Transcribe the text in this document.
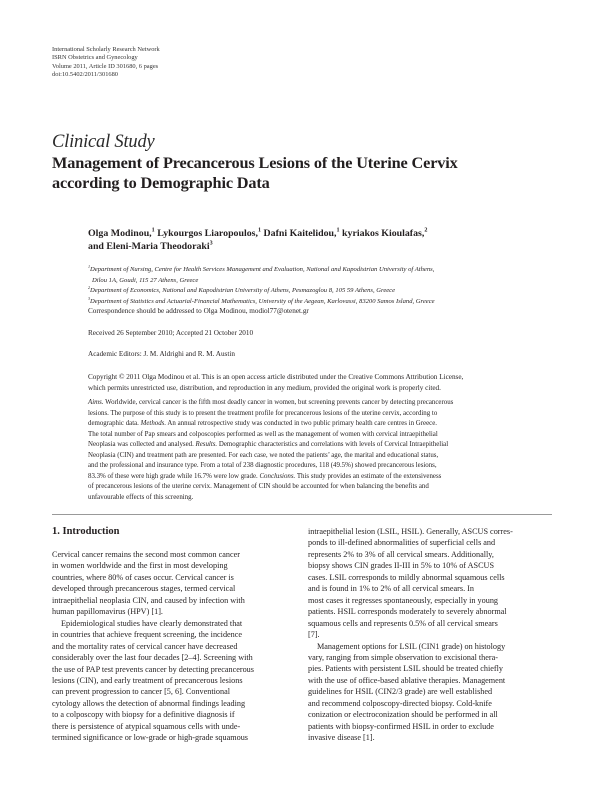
International Scholarly Research Network
ISRN Obstetrics and Gynecology
Volume 2011, Article ID 301680, 6 pages
doi:10.5402/2011/301680
Clinical Study
Management of Precancerous Lesions of the Uterine Cervix
according to Demographic Data
Olga Modinou,$^1$ Lykourgos Liaropoulos,$^1$ Dafni Kaitelidou,$^1$ kyriakos Kioulafas,$^2$
and Eleni-Maria Theodoraki$^3$
$^1$Department of Nursing, Centre for Health Services Management and Evaluation, National and Kapodistrian University of Athens,
Dilou 1A, Goudi, 115 27 Athens, Greece
$^2$Department of Economics, National and Kapodistrian University of Athens, Pesmazoglou 8, 105 59 Athens, Greece
$^3$Department of Statistics and Actuarial-Financial Mathematics, University of the Aegean, Karlovassi, 83200 Samos Island, Greece
Correspondence should be addressed to Olga Modinou, modiol77@otenet.gr
Received 26 September 2010; Accepted 21 October 2010
Academic Editors: J. M. Aldrighi and R. M. Austin
Copyright © 2011 Olga Modinou et al. This is an open access article distributed under the Creative Commons Attribution License, which permits unrestricted use, distribution, and reproduction in any medium, provided the original work is properly cited.
Aims. Worldwide, cervical cancer is the fifth most deadly cancer in women, but screening prevents cancer by detecting precancerous
lesions. The purpose of this study is to present the treatment profile for precancerous lesions of the uterine cervix, according to
demographic data. Methods. An annual retrospective study was conducted in two public primary health care centres in Greece.
The total number of Pap smears and colposcopies performed as well as the management of women with cervical intraepithelial
Neoplasia was collected and analysed. Results. Demographic characteristics and correlations with levels of Cervical Intraepithelial
Neoplasia (CIN) and treatment path are presented. For each case, we noted the patients’ age, the marital and educational status,
and the professional and insurance type. From a total of 238 diagnostic procedures, 118 (49.5%) showed precancerous lesions,
83.3% of these were high grade while 16.7% were low grade. Conclusions. This study provides an estimate of the extensiveness
of precancerous lesions of the uterine cervix. Management of CIN should be accounted for when balancing the benefits and
unfavourable effects of this screening.
1. Introduction
Cervical cancer remains the second most common cancer
in women worldwide and the first in most developing
countries, where 80% of cases occur. Cervical cancer is
developed through precancerous stages, termed cervical
intraepithelial neoplasia CIN, and caused by infection with
human papillomavirus (HPV) [1].
Epidemiological studies have clearly demonstrated that
in countries that achieve frequent screening, the incidence
and the mortality rates of cervical cancer have decreased
considerably over the last four decades [2–4]. Screening with
the use of PAP test prevents cancer by detecting precancerous
lesions (CIN), and early treatment of precancerous lesions
can prevent progression to cancer [5, 6]. Conventional
cytology allows the detection of abnormal findings leading
to a colposcopy with biopsy for a definitive diagnosis if
there is persistence of atypical squamous cells with unde-
termined significance or low-grade or high-grade squamous
intraepithelial lesion (LSIL, HSIL). Generally, ASCUS corres-
ponds to ill-defined abnormalities of superficial cells and
represents 2% to 3% of all cervical smears. Additionally,
biopsy shows CIN grades II-III in 5% to 10% of ASCUS
cases. LSIL corresponds to mildly abnormal squamous cells
and is found in 1% to 2% of all cervical smears. In
most cases it regresses spontaneously, especially in young
patients. HSIL corresponds moderately to severely abnormal
squamous cells and represents 0.5% of all cervical smears
[7].
Management options for LSIL (CIN1 grade) on histology
vary, ranging from simple observation to excisional thera-
pies. Patients with persistent LSIL should be treated chiefly
with the use of office-based ablative therapies. Management
guidelines for HSIL (CIN2/3 grade) are well established
and recommend colposcopy-directed biopsy. Cold-knife
conization or electroconization should be performed in all
patients with biopsy-confirmed HSIL in order to exclude
invasive disease [1].
